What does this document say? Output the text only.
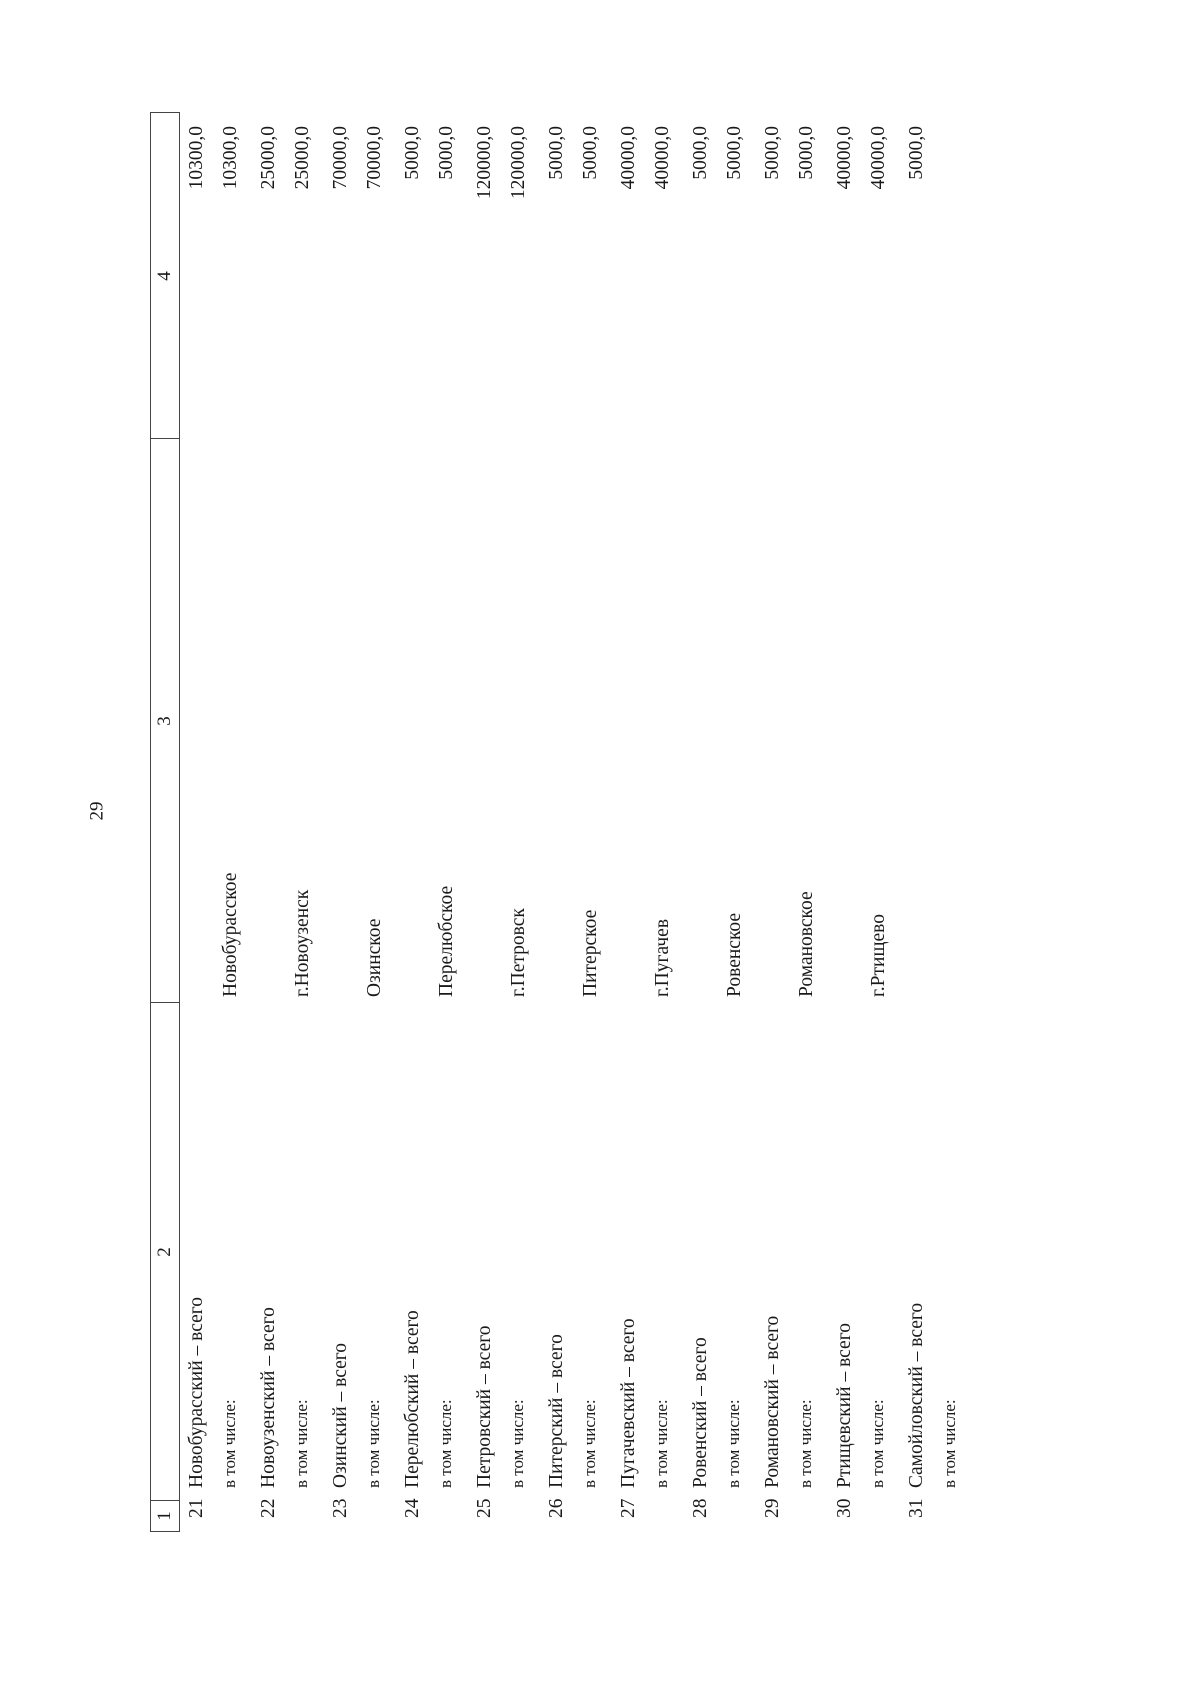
29
1
2
3
4
21
Новобурасский – всего в том числе:
Новобурасское
10300,0 10300,0
22
Новоузенский – всего в том числе:
г.Новоузенск
25000,0 25000,0
23
Озинский – всего в том числе:
Озинское
70000,0 70000,0
24
Перелюбский – всего в том числе:
Перелюбское
5000,0 5000,0
25
Петровский – всего в том числе:
г.Петровск
120000,0 120000,0
26
Питерский – всего в том числе:
Питерское
5000,0 5000,0
27
Пугачевский – всего в том числе:
г.Пугачев
40000,0 40000,0
28
Ровенский – всего в том числе:
Ровенское
5000,0 5000,0
29
Романовский – всего в том числе:
Романовское
5000,0 5000,0
30
Ртищевский – всего в том числе:
г.Ртищево
40000,0 40000,0
31
Самойловский – всего в том числе:
5000,0
